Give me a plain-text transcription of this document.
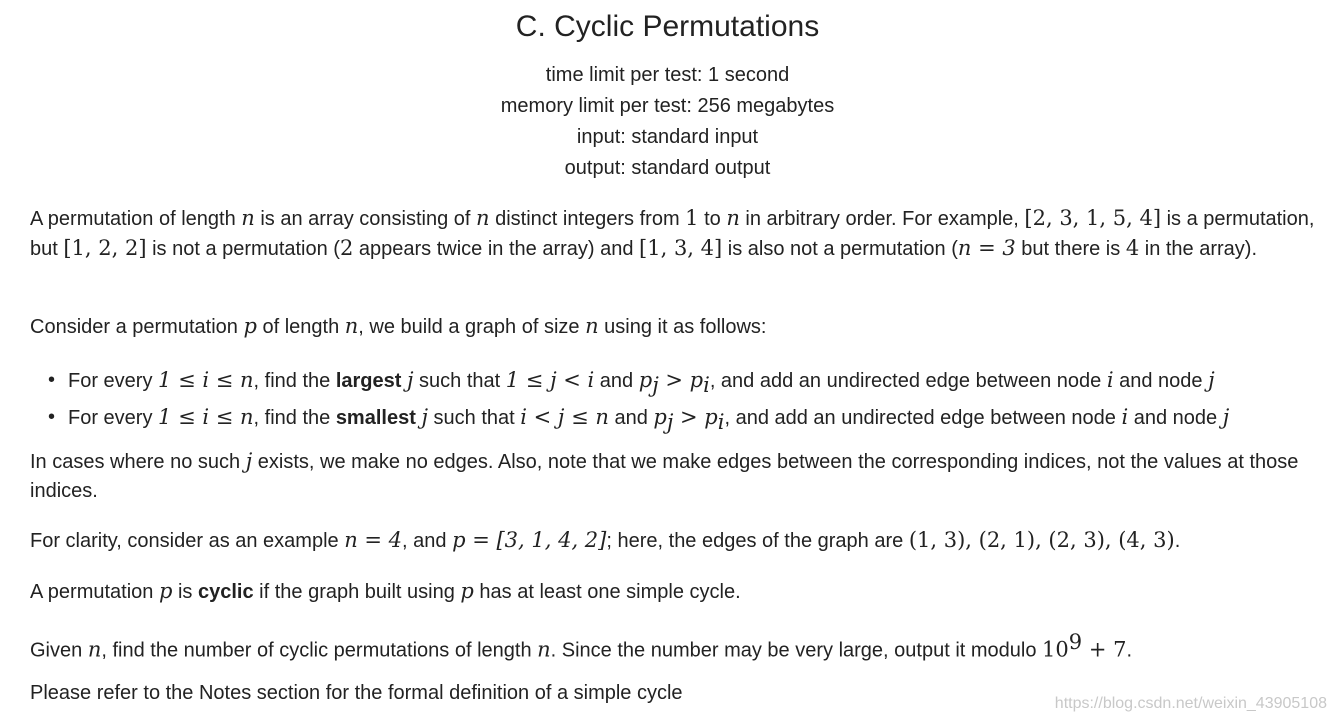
C. Cyclic Permutations
time limit per test: 1 second
memory limit per test: 256 megabytes
input: standard input
output: standard output
A permutation of length n is an array consisting of n distinct integers from 1 to n in arbitrary order. For example, [2, 3, 1, 5, 4] is a permutation, but [1, 2, 2] is not a permutation (2 appears twice in the array) and [1, 3, 4] is also not a permutation (n = 3 but there is 4 in the array).
Consider a permutation p of length n, we build a graph of size n using it as follows:
• For every 1 ≤ i ≤ n, find the largest j such that 1 ≤ j < i and $p_j > p_i$, and add an undirected edge between node i and node j
• For every 1 ≤ i ≤ n, find the smallest j such that i < j ≤ n and $p_j > p_i$, and add an undirected edge between node i and node j
In cases where no such j exists, we make no edges. Also, note that we make edges between the corresponding indices, not the values at those indices.
For clarity, consider as an example n = 4, and p = [3, 1, 4, 2]; here, the edges of the graph are (1, 3), (2, 1), (2, 3), (4, 3).
A permutation p is cyclic if the graph built using p has at least one simple cycle.
Given n, find the number of cyclic permutations of length n. Since the number may be very large, output it modulo $10^9 + 7$.
Please refer to the Notes section for the formal definition of a simple cycle	https://blog.csdn.net/weixin_43905108
